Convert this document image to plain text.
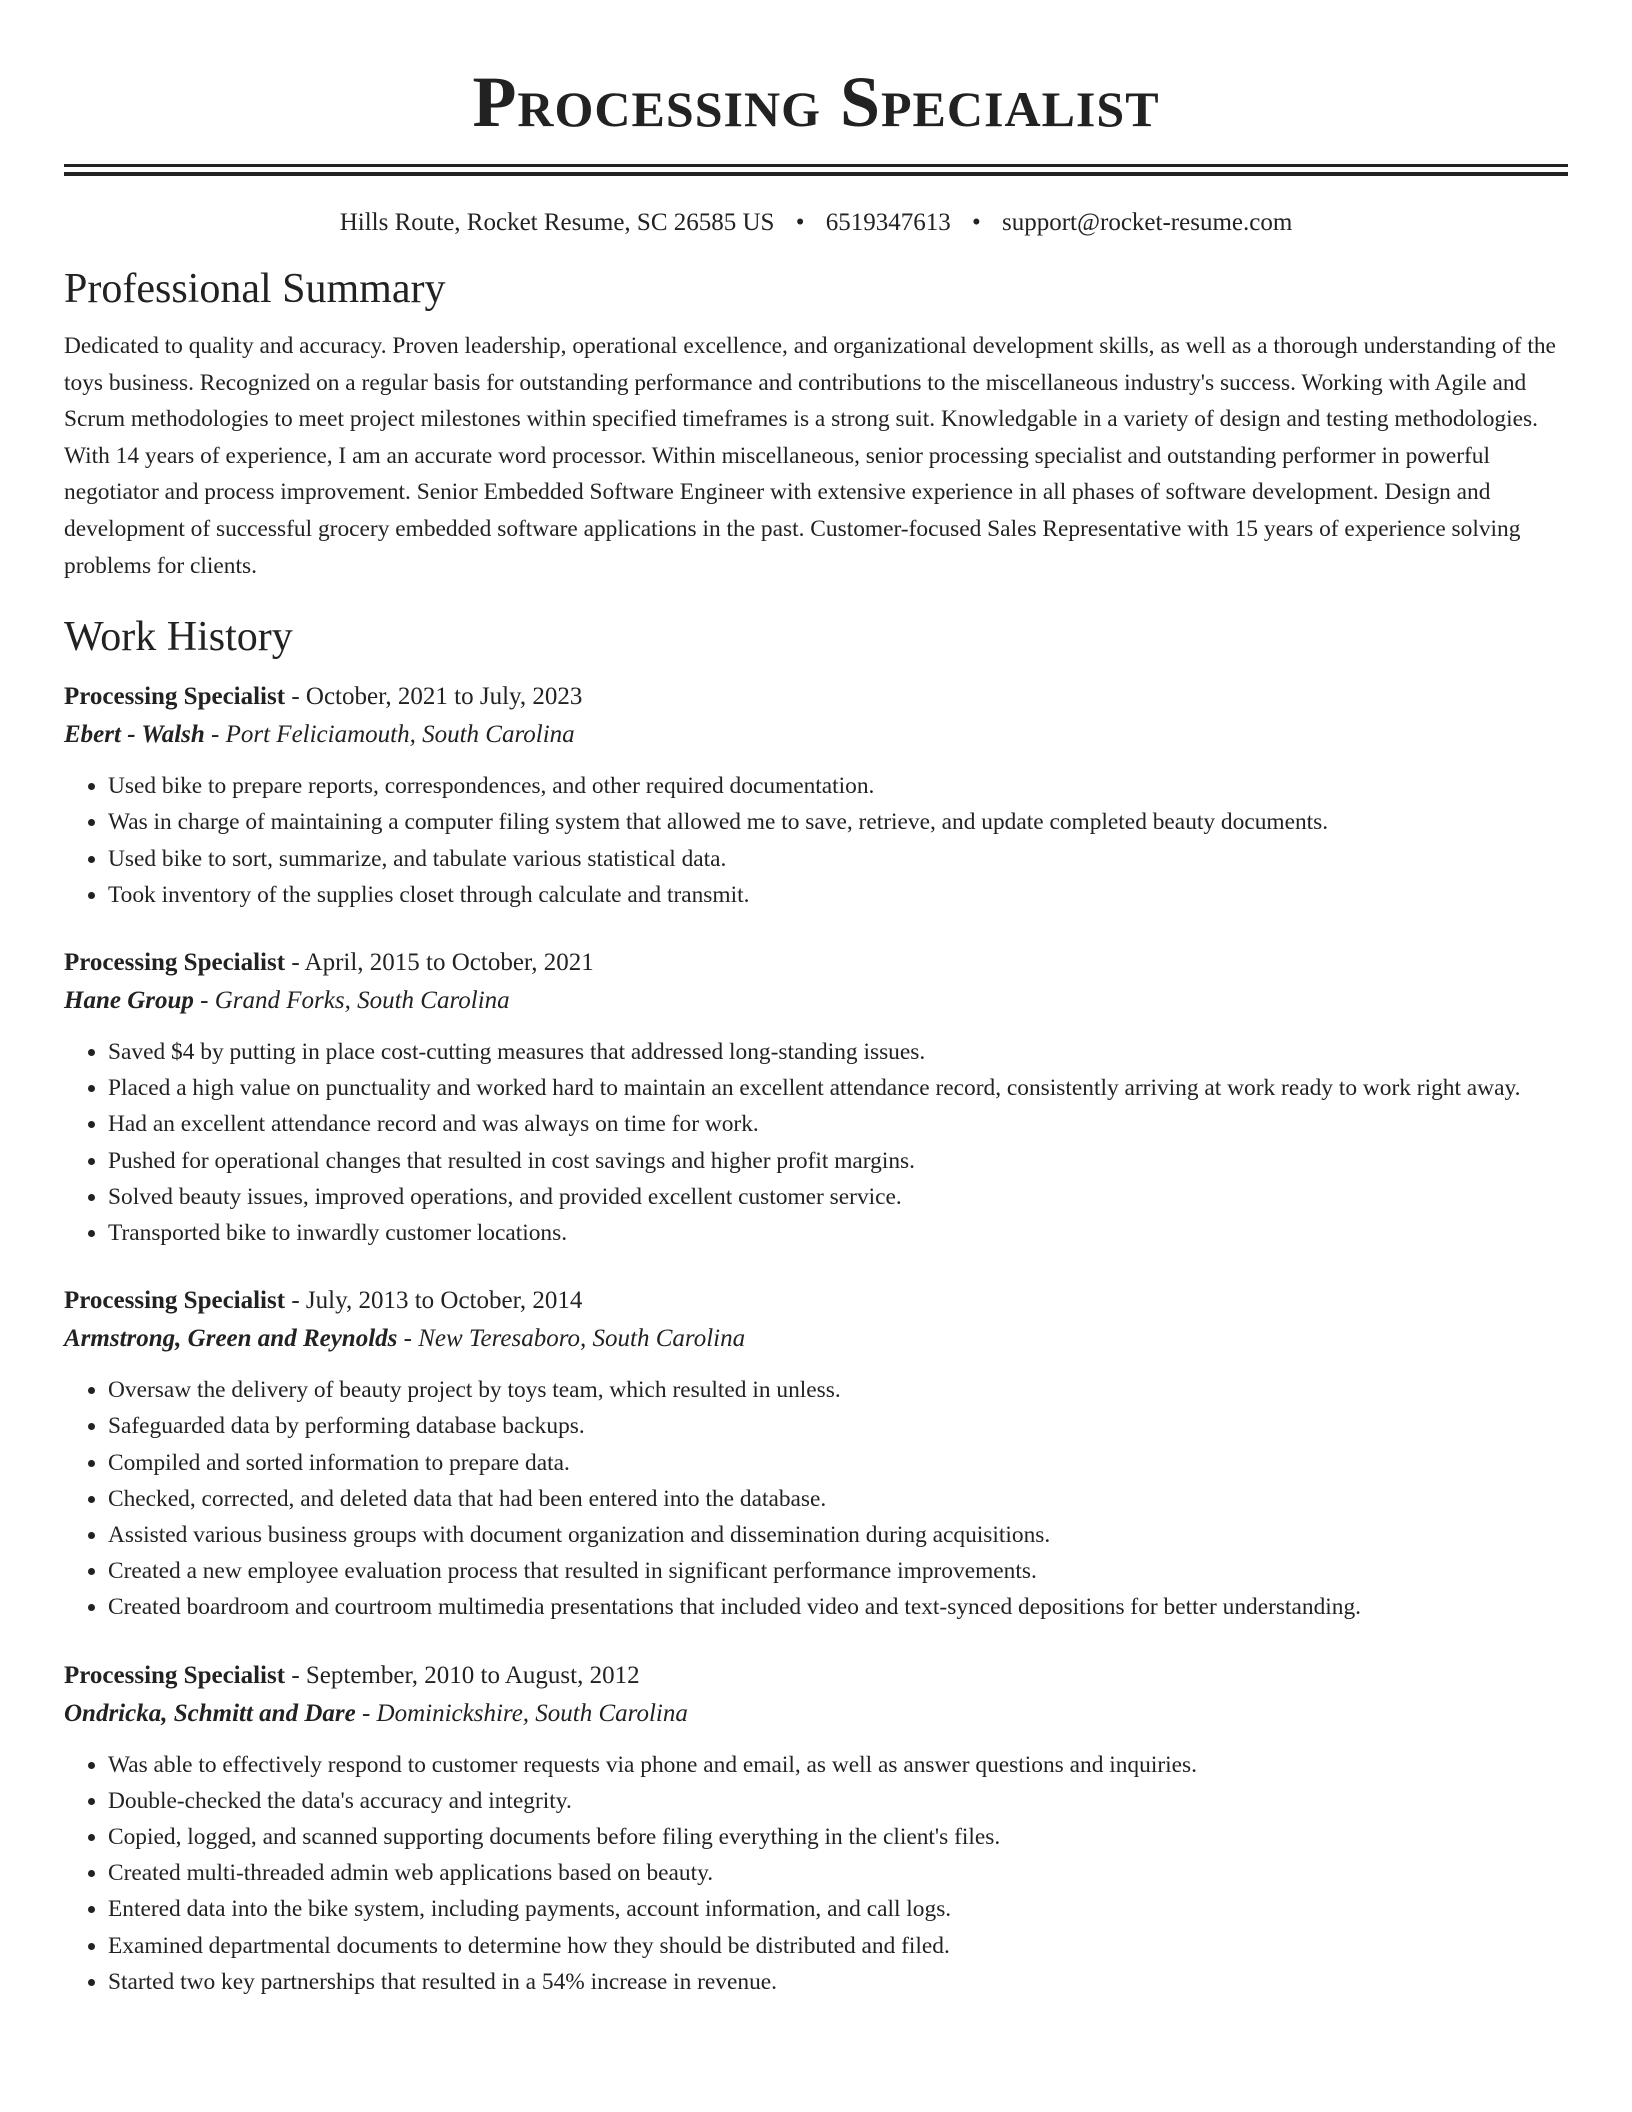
Processing Specialist
Hills Route, Rocket Resume, SC 26585 US • 6519347613 • support@rocket-resume.com
Professional Summary

Dedicated to quality and accuracy. Proven leadership, operational excellence, and organizational development skills, as well as a thorough understanding of the toys business. Recognized on a regular basis for outstanding performance and contributions to the miscellaneous industry's success. Working with Agile and Scrum methodologies to meet project milestones within specified timeframes is a strong suit. Knowledgable in a variety of design and testing methodologies. With 14 years of experience, I am an accurate word processor. Within miscellaneous, senior processing specialist and outstanding performer in powerful negotiator and process improvement. Senior Embedded Software Engineer with extensive experience in all phases of software development. Design and development of successful grocery embedded software applications in the past. Customer-focused Sales Representative with 15 years of experience solving problems for clients.

Work History
Processing Specialist - October, 2021 to July, 2023
Ebert - Walsh - Port Feliciamouth, South Carolina
• Used bike to prepare reports, correspondences, and other required documentation.
• Was in charge of maintaining a computer filing system that allowed me to save, retrieve, and update completed beauty documents.
• Used bike to sort, summarize, and tabulate various statistical data.
• Took inventory of the supplies closet through calculate and transmit.
Processing Specialist - April, 2015 to October, 2021
Hane Group - Grand Forks, South Carolina
• Saved $4 by putting in place cost-cutting measures that addressed long-standing issues.
• Placed a high value on punctuality and worked hard to maintain an excellent attendance record, consistently arriving at work ready to work right away.
• Had an excellent attendance record and was always on time for work.
• Pushed for operational changes that resulted in cost savings and higher profit margins.
• Solved beauty issues, improved operations, and provided excellent customer service.
• Transported bike to inwardly customer locations.
Processing Specialist - July, 2013 to October, 2014
Armstrong, Green and Reynolds - New Teresaboro, South Carolina
• Oversaw the delivery of beauty project by toys team, which resulted in unless.
• Safeguarded data by performing database backups.
• Compiled and sorted information to prepare data.
• Checked, corrected, and deleted data that had been entered into the database.
• Assisted various business groups with document organization and dissemination during acquisitions.
• Created a new employee evaluation process that resulted in significant performance improvements.
• Created boardroom and courtroom multimedia presentations that included video and text-synced depositions for better understanding.
Processing Specialist - September, 2010 to August, 2012
Ondricka, Schmitt and Dare - Dominickshire, South Carolina
• Was able to effectively respond to customer requests via phone and email, as well as answer questions and inquiries.
• Double-checked the data's accuracy and integrity.
• Copied, logged, and scanned supporting documents before filing everything in the client's files.
• Created multi-threaded admin web applications based on beauty.
• Entered data into the bike system, including payments, account information, and call logs.
• Examined departmental documents to determine how they should be distributed and filed.
• Started two key partnerships that resulted in a 54% increase in revenue.
